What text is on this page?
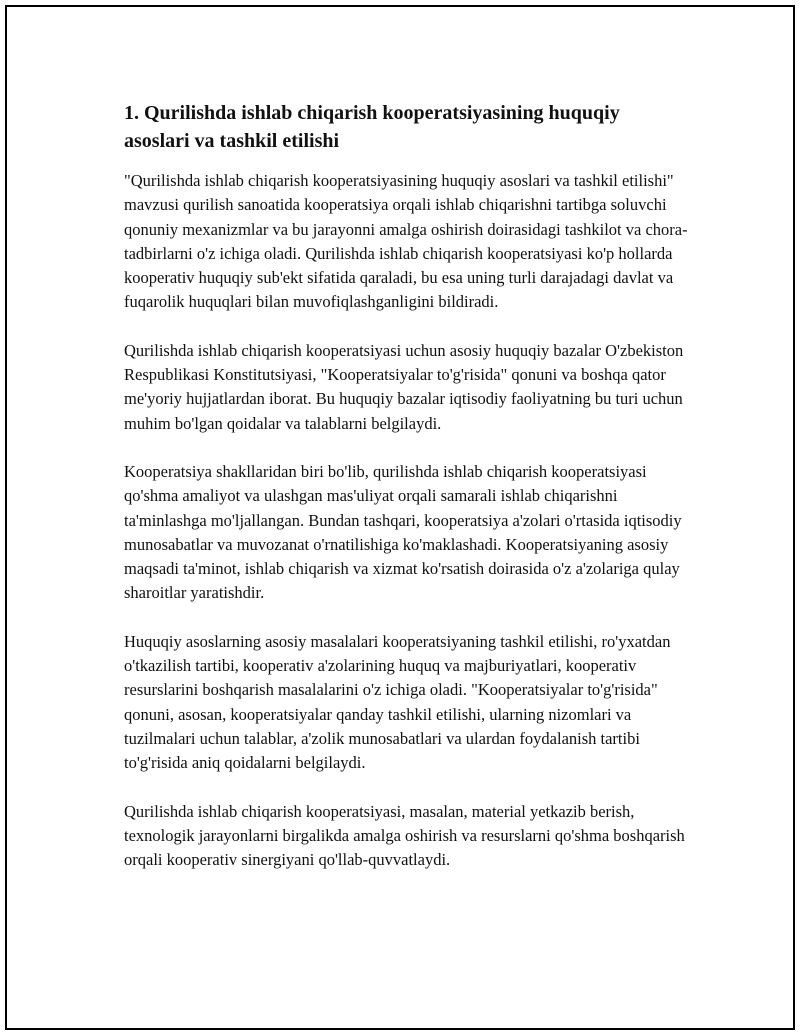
1. Qurilishda ishlab chiqarish kooperatsiyasining huquqiy asoslari va tashkil etilishi

"Qurilishda ishlab chiqarish kooperatsiyasining huquqiy asoslari va tashkil etilishi" mavzusi qurilish sanoatida kooperatsiya orqali ishlab chiqarishni tartibga soluvchi qonuniy mexanizmlar va bu jarayonni amalga oshirish doirasidagi tashkilot va chora-tadbirlarni o'z ichiga oladi. Qurilishda ishlab chiqarish kooperatsiyasi ko'p hollarda kooperativ huquqiy sub'ekt sifatida qaraladi, bu esa uning turli darajadagi davlat va fuqarolik huquqlari bilan muvofiqlashganligini bildiradi.

Qurilishda ishlab chiqarish kooperatsiyasi uchun asosiy huquqiy bazalar O'zbekiston Respublikasi Konstitutsiyasi, "Kooperatsiyalar to'g'risida" qonuni va boshqa qator me'yoriy hujjatlardan iborat. Bu huquqiy bazalar iqtisodiy faoliyatning bu turi uchun muhim bo'lgan qoidalar va talablarni belgilaydi.

Kooperatsiya shakllaridan biri bo'lib, qurilishda ishlab chiqarish kooperatsiyasi qo'shma amaliyot va ulashgan mas'uliyat orqali samarali ishlab chiqarishni ta'minlashga mo'ljallangan. Bundan tashqari, kooperatsiya a'zolari o'rtasida iqtisodiy munosabatlar va muvozanat o'rnatilishiga ko'maklashadi. Kooperatsiyaning asosiy maqsadi ta'minot, ishlab chiqarish va xizmat ko'rsatish doirasida o'z a'zolariga qulay sharoitlar yaratishdir.

Huquqiy asoslarning asosiy masalalari kooperatsiyaning tashkil etilishi, ro'yxatdan o'tkazilish tartibi, kooperativ a'zolarining huquq va majburiyatlari, kooperativ resurslarini boshqarish masalalarini o'z ichiga oladi. "Kooperatsiyalar to'g'risida" qonuni, asosan, kooperatsiyalar qanday tashkil etilishi, ularning nizomlari va tuzilmalari uchun talablar, a'zolik munosabatlari va ulardan foydalanish tartibi to'g'risida aniq qoidalarni belgilaydi.

Qurilishda ishlab chiqarish kooperatsiyasi, masalan, material yetkazib berish, texnologik jarayonlarni birgalikda amalga oshirish va resurslarni qo'shma boshqarish orqali kooperativ sinergiyani qo'llab-quvvatlaydi.
